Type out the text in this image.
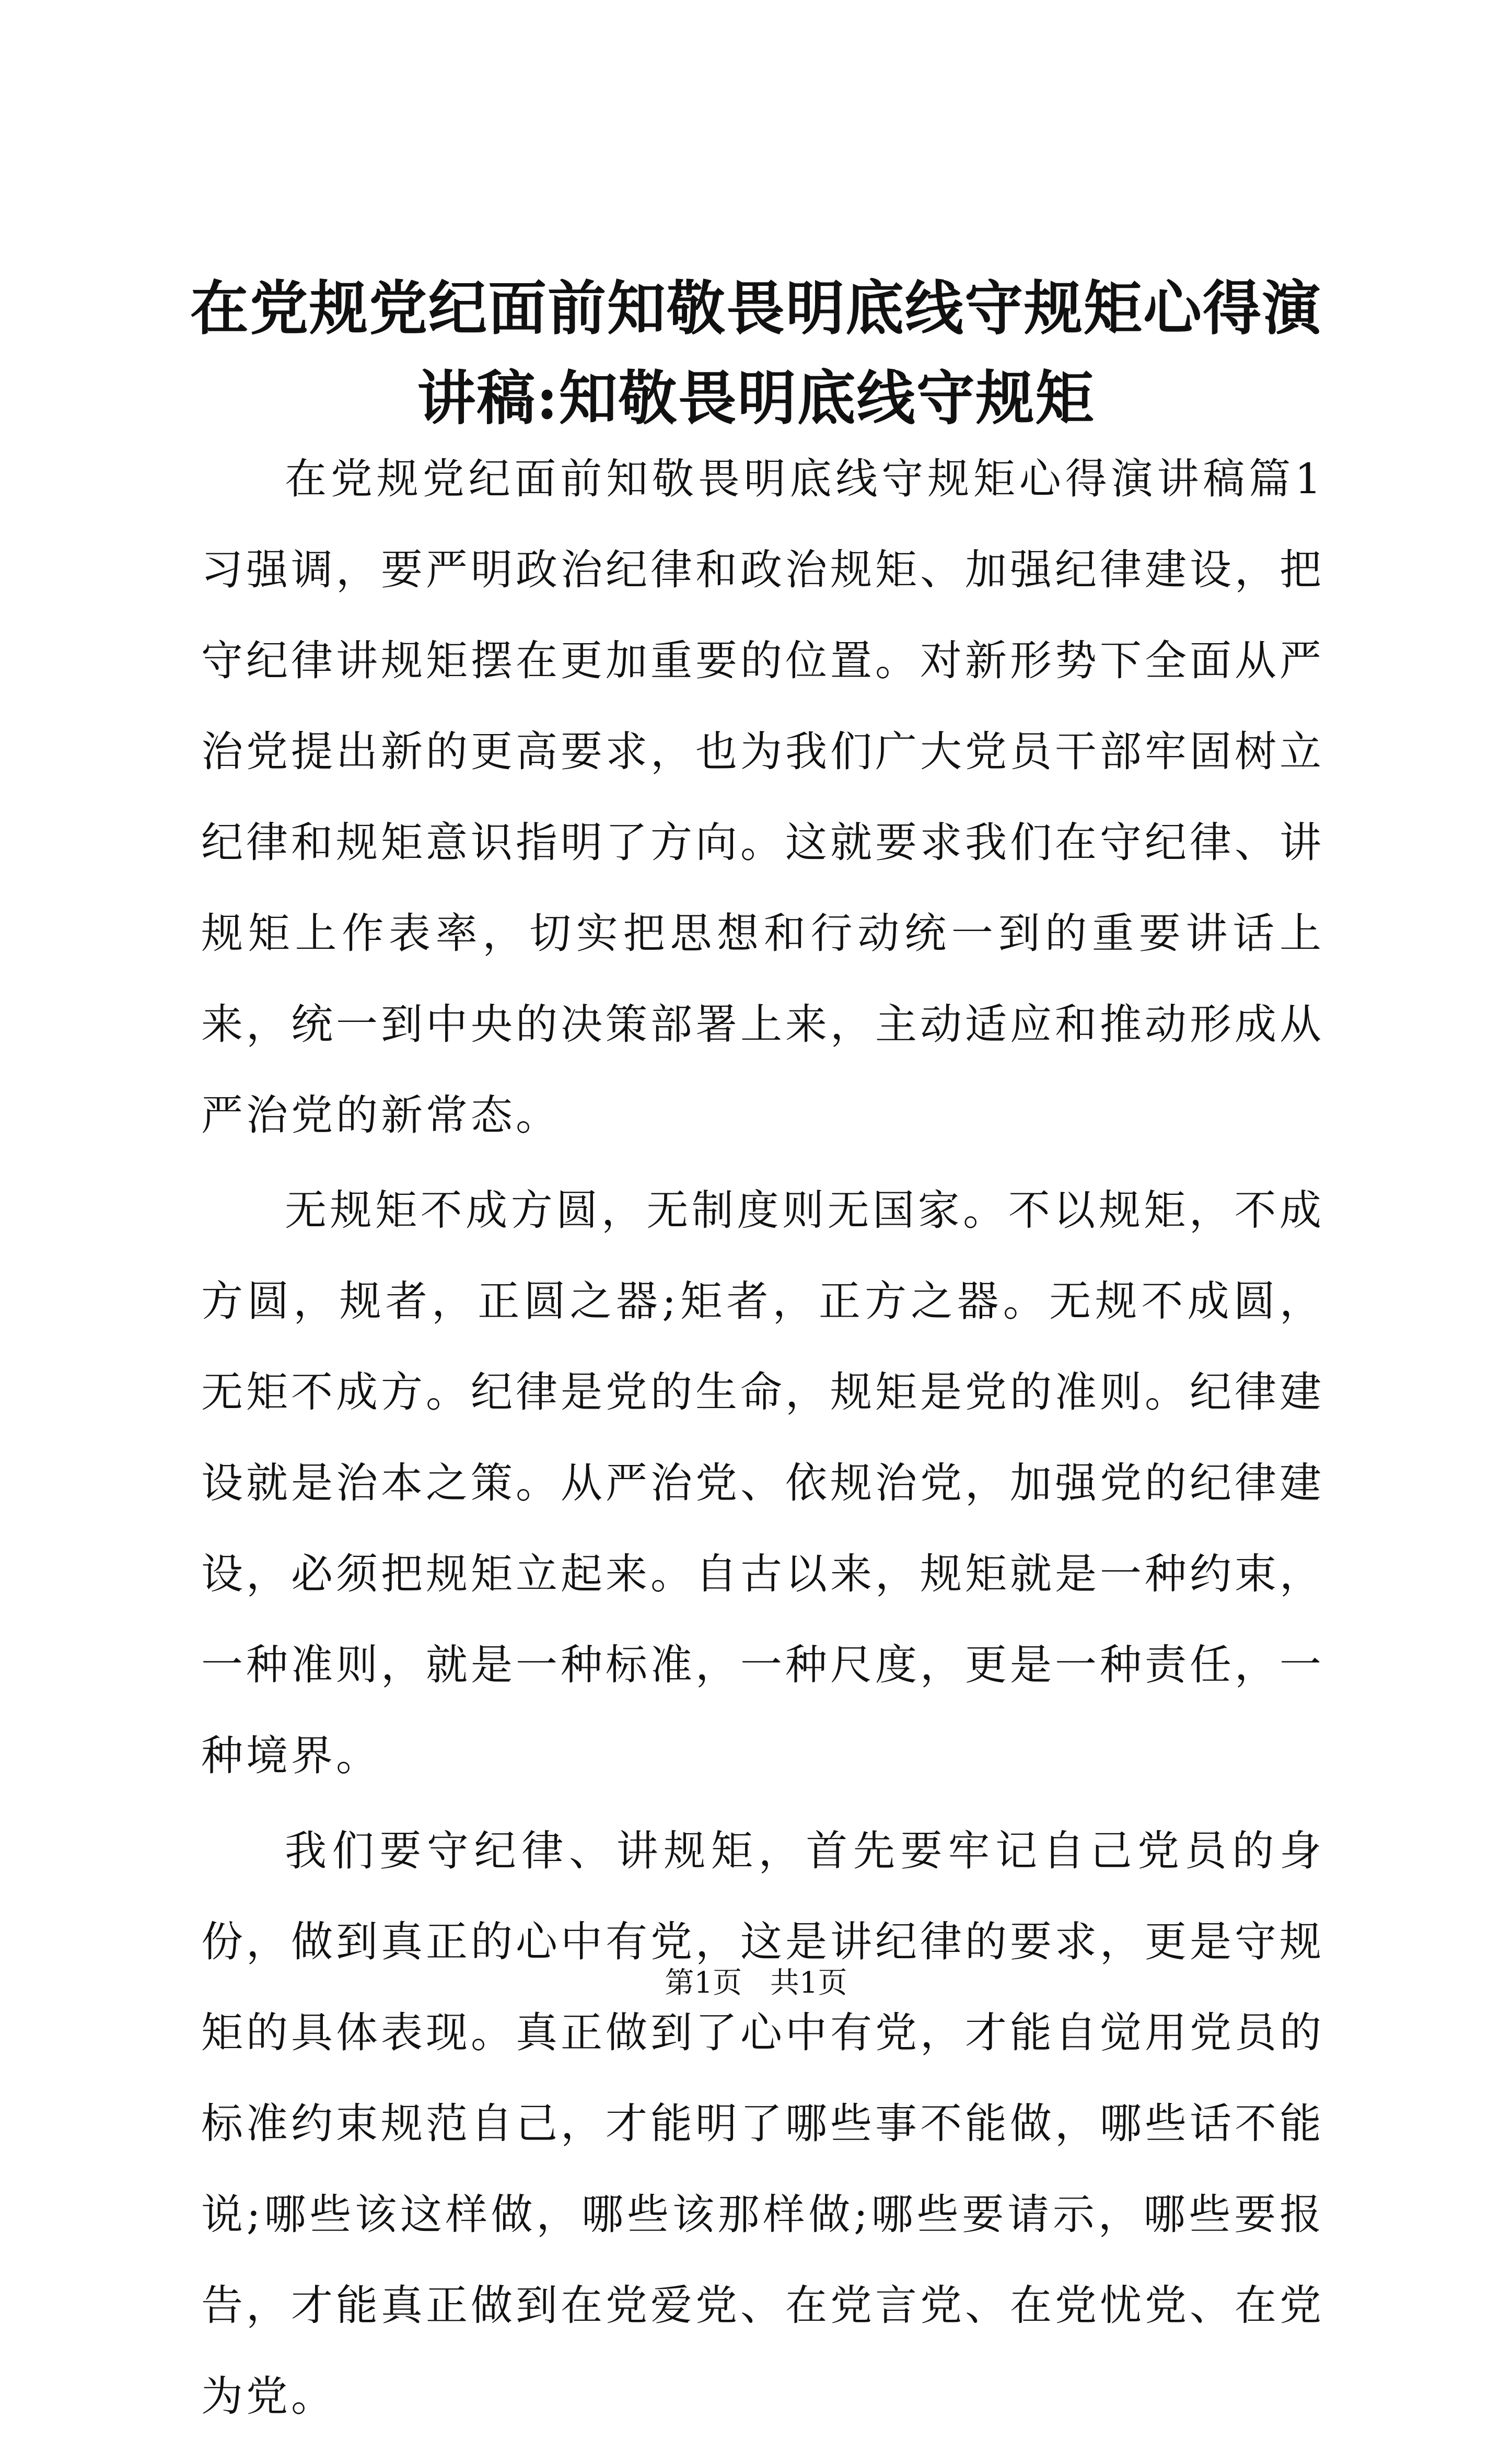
在党规党纪面前知敬畏明底线守规矩心得演讲稿:知敬畏明底线守规矩

在党规党纪面前知敬畏明底线守规矩心得演讲稿篇1习强调，要严明政治纪律和政治规矩、加强纪律建设，把守纪律讲规矩摆在更加重要的位置。对新形势下全面从严治党提出新的更高要求，也为我们广大党员干部牢固树立纪律和规矩意识指明了方向。这就要求我们在守纪律、讲规矩上作表率，切实把思想和行动统一到的重要讲话上来，统一到中央的决策部署上来，主动适应和推动形成从严治党的新常态。

无规矩不成方圆，无制度则无国家。不以规矩，不成方圆，规者，正圆之器;矩者，正方之器。无规不成圆，无矩不成方。纪律是党的生命，规矩是党的准则。纪律建设就是治本之策。从严治党、依规治党，加强党的纪律建设，必须把规矩立起来。自古以来，规矩就是一种约束，一种准则，就是一种标准，一种尺度，更是一种责任，一种境界。

我们要守纪律、讲规矩，首先要牢记自己党员的身份，做到真正的心中有党，这是讲纪律的要求，更是守规矩的具体表现。真正做到了心中有党，才能自觉用党员的标准约束规范自己，才能明了哪些事不能做，哪些话不能说;哪些该这样做，哪些该那样做;哪些要请示，哪些要报告，才能真正做到在党爱党、在党言党、在党忧党、在党为党。

第1页 共1页
